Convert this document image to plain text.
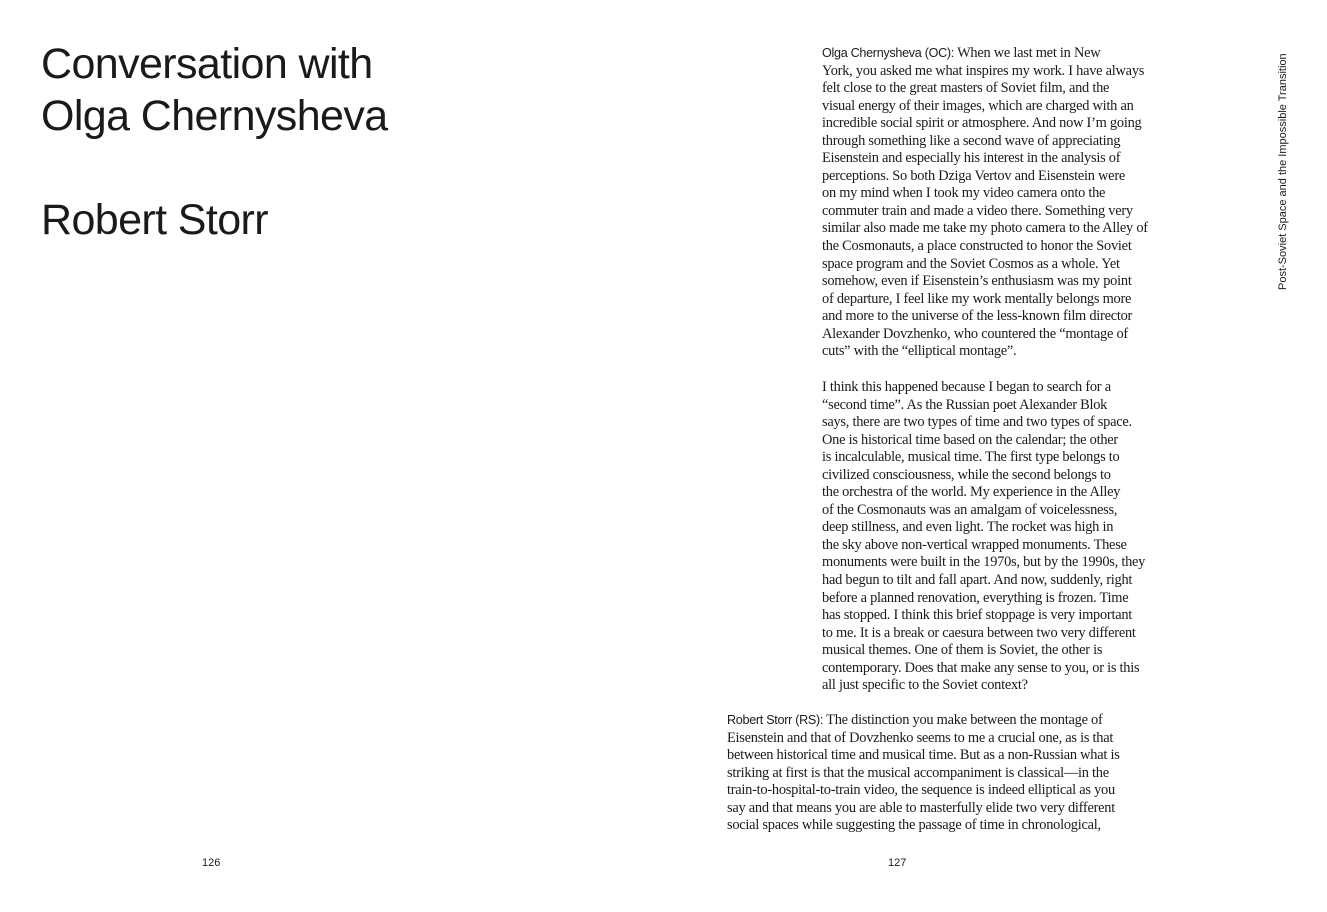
Conversation with
Olga Chernysheva
Robert Storr
126
Post-Soviet Space and the Impossible Transition
Olga Chernysheva (OC): When we last met in New
York, you asked me what inspires my work. I have always
felt close to the great masters of Soviet film, and the
visual energy of their images, which are charged with an
incredible social spirit or atmosphere. And now I’m going
through something like a second wave of appreciating
Eisenstein and especially his interest in the analysis of
perceptions. So both Dziga Vertov and Eisenstein were
on my mind when I took my video camera onto the
commuter train and made a video there. Something very
similar also made me take my photo camera to the Alley of
the Cosmonauts, a place constructed to honor the Soviet
space program and the Soviet Cosmos as a whole. Yet
somehow, even if Eisenstein’s enthusiasm was my point
of departure, I feel like my work mentally belongs more
and more to the universe of the less-known film director
Alexander Dovzhenko, who countered the “montage of
cuts” with the “elliptical montage”.
I think this happened because I began to search for a
“second time”. As the Russian poet Alexander Blok
says, there are two types of time and two types of space.
One is historical time based on the calendar; the other
is incalculable, musical time. The first type belongs to
civilized consciousness, while the second belongs to
the orchestra of the world. My experience in the Alley
of the Cosmonauts was an amalgam of voicelessness,
deep stillness, and even light. The rocket was high in
the sky above non-vertical wrapped monuments. These
monuments were built in the 1970s, but by the 1990s, they
had begun to tilt and fall apart. And now, suddenly, right
before a planned renovation, everything is frozen. Time
has stopped. I think this brief stoppage is very important
to me. It is a break or caesura between two very different
musical themes. One of them is Soviet, the other is
contemporary. Does that make any sense to you, or is this
all just specific to the Soviet context?
Robert Storr (RS): The distinction you make between the montage of
Eisenstein and that of Dovzhenko seems to me a crucial one, as is that
between historical time and musical time. But as a non-Russian what is
striking at first is that the musical accompaniment is classical—in the
train-to-hospital-to-train video, the sequence is indeed elliptical as you
say and that means you are able to masterfully elide two very different
social spaces while suggesting the passage of time in chronological,
127
